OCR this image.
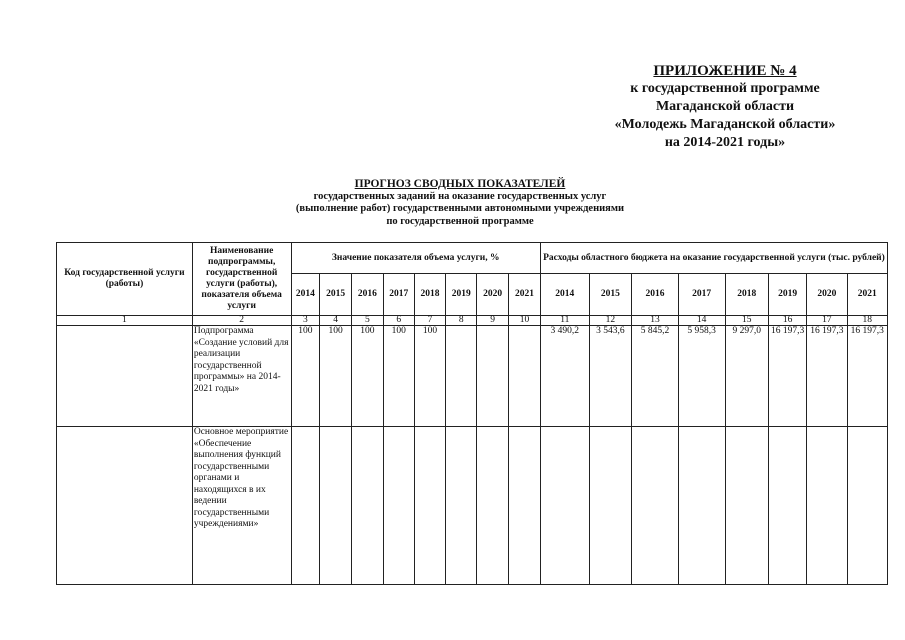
ПРИЛОЖЕНИЕ № 4
к государственной программе
Магаданской области
«Молодежь Магаданской области»
на 2014-2021 годы»
ПРОГНОЗ СВОДНЫХ ПОКАЗАТЕЛЕЙ
государственных заданий на оказание государственных услуг
(выполнение работ) государственными автономными учреждениями
по государственной программе
Код государственной услуги (работы)	Наименование подпрограммы, государственной услуги (работы), показателя объема услуги	Значение показателя объема услуги, %								Расходы областного бюджета на оказание государственной услуги (тыс. рублей)							
		2014	2015	2016	2017	2018	2019	2020	2021	2014	2015	2016	2017	2018	2019	2020	2021
1	2	3	4	5	6	7	8	9	10	11	12	13	14	15	16	17	18
	Подпрограмма «Создание условий для реализации государственной программы» на 2014-2021 годы»	100	100	100	100	100				3 490,2	3 543,6	5 845,2	5 958,3	9 297,0	16 197,3	16 197,3	16 197,3
	Основное мероприятие «Обеспечение выполнения функций государственными органами и находящихся в их ведении государственными учреждениями»																
